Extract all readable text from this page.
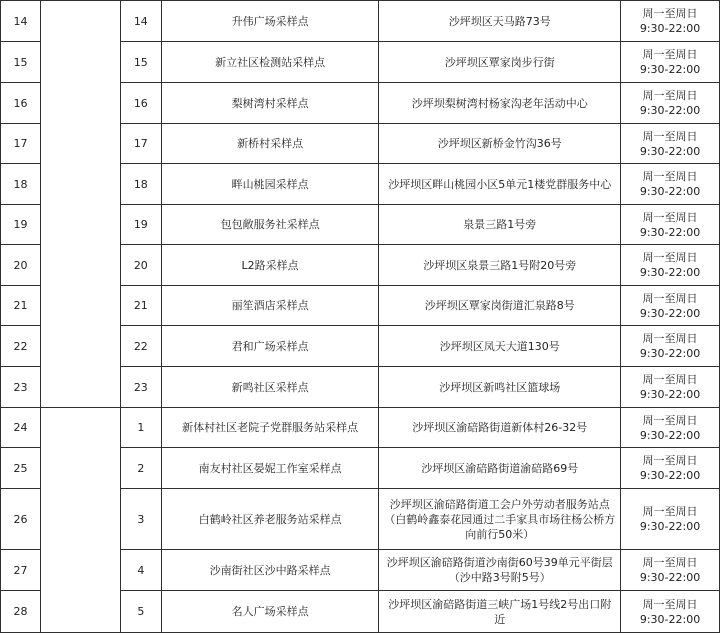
14		14	升伟广场采样点	沙坪坝区天马路73号	周一至周日
9:30-22:00

15		15	新立社区检测站采样点	沙坪坝区覃家岗步行街	周一至周日
9:30-22:00

16		16	梨树湾村采样点	沙坪坝梨树湾村杨家沟老年活动中心	周一至周日
9:30-22:00

17		17	新桥村采样点	沙坪坝区新桥金竹沟36号	周一至周日
9:30-22:00

18		18	畔山桃园采样点	沙坪坝区畔山桃园小区5单元1楼党群服务中心	周一至周日
9:30-22:00

19		19	包包敞服务社采样点	泉景三路1号旁	周一至周日
9:30-22:00

20		20	L2路采样点	沙坪坝区泉景三路1号附20号旁	周一至周日
9:30-22:00

21		21	丽笙酒店采样点	沙坪坝区覃家岗街道汇泉路8号	周一至周日
9:30-22:00

22		22	君和广场采样点	沙坪坝区凤天大道130号	周一至周日
9:30-22:00

23		23	新鸣社区采样点	沙坪坝区新鸣社区篮球场	周一至周日
9:30-22:00

24		1	新体村社区老院子党群服务站采样点	沙坪坝区渝碚路街道新体村26-32号	周一至周日
9:30-22:00

25		2	南友村社区晏妮工作室采样点	沙坪坝区渝碚路街道渝碚路69号	周一至周日
9:30-22:00

26		3	白鹤岭社区养老服务站采样点	沙坪坝区渝碚路街道工会户外劳动者服务站点（白鹤岭鑫泰花园通过二手家具市场往杨公桥方向前行50米）	周一至周日
9:30-22:00

27		4	沙南街社区沙中路采样点	沙坪坝区渝碚路街道沙南街60号39单元平街层（沙中路3号附5号）	周一至周日
9:30-22:00

28		5	名人广场采样点	沙坪坝区渝碚路街道三峡广场1号线2号出口附近	周一至周日
9:30-22:00
